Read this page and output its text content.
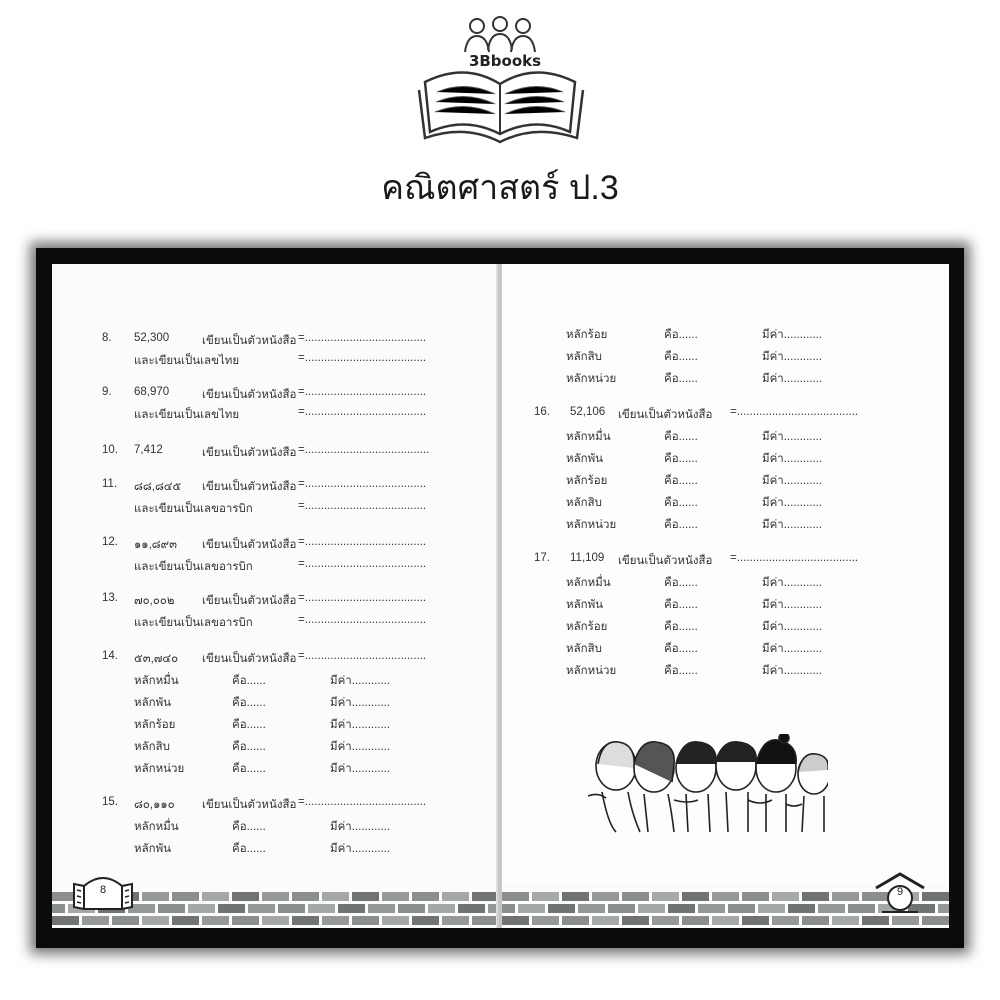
3Bbooks
คณิตศาสตร์ ป.3
8
8. 52,300	เขียนเป็นตัวหนังสือ =......................................
และเขียนเป็นเลขไทย	=......................................
9. 68,970	เขียนเป็นตัวหนังสือ =......................................
และเขียนเป็นเลขไทย	=......................................
10. 7,412	เขียนเป็นตัวหนังสือ =.......................................
11. ๘๘,๘๔๕ เขียนเป็นตัวหนังสือ =......................................
และเขียนเป็นเลขอารบิก	=......................................
12. ๑๑,๘๙๓ เขียนเป็นตัวหนังสือ =......................................
และเขียนเป็นเลขอารบิก	=......................................
13. ๗๐,๐๐๒ เขียนเป็นตัวหนังสือ =......................................
และเขียนเป็นเลขอารบิก	=......................................
14. ๕๓,๗๔๐ เขียนเป็นตัวหนังสือ =......................................
หลักหมื่น	คือ......	มีค่า............
หลักพัน	คือ......	มีค่า............
หลักร้อย	คือ......	มีค่า............
หลักสิบ	คือ......	มีค่า............
หลักหน่วย	คือ......	มีค่า............
15. ๘๐,๑๑๐ เขียนเป็นตัวหนังสือ =......................................
หลักหมื่น	คือ......	มีค่า............
หลักพัน	คือ......	มีค่า............
9
หลักร้อย	คือ......	มีค่า............
หลักสิบ	คือ......	มีค่า............
หลักหน่วย	คือ......	มีค่า............
16. 52,106 เขียนเป็นตัวหนังสือ =......................................
หลักหมื่น	คือ......	มีค่า............
หลักพัน	คือ......	มีค่า............
หลักร้อย	คือ......	มีค่า............
หลักสิบ	คือ......	มีค่า............
หลักหน่วย	คือ......	มีค่า............
17. 11,109 เขียนเป็นตัวหนังสือ =......................................
หลักหมื่น	คือ......	มีค่า............
หลักพัน	คือ......	มีค่า............
หลักร้อย	คือ......	มีค่า............
หลักสิบ	คือ......	มีค่า............
หลักหน่วย	คือ......	มีค่า............
